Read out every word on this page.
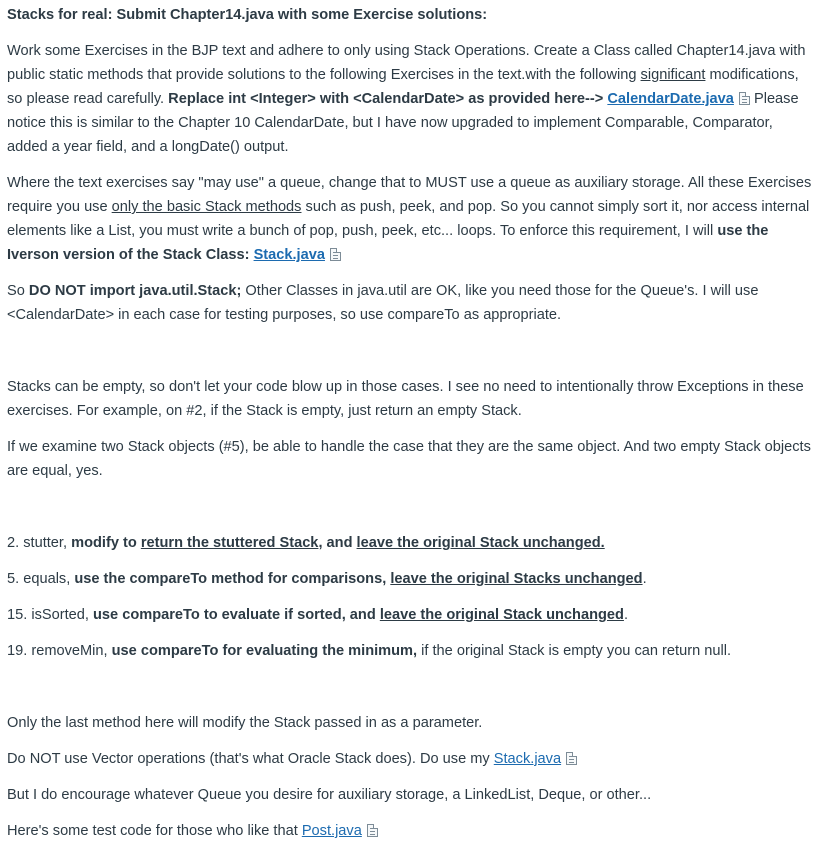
Stacks for real: Submit Chapter14.java with some Exercise solutions:

Work some Exercises in the BJP text and adhere to only using Stack Operations. Create a Class called Chapter14.java with public static methods that provide solutions to the following Exercises in the text.with the following significant modifications, so please read carefully. Replace int <Integer> with <CalendarDate> as provided here--> CalendarDate.java Please notice this is similar to the Chapter 10 CalendarDate, but I have now upgraded to implement Comparable, Comparator, added a year field, and a longDate() output.

Where the text exercises say "may use" a queue, change that to MUST use a queue as auxiliary storage. All these Exercises require you use only the basic Stack methods such as push, peek, and pop. So you cannot simply sort it, nor access internal elements like a List, you must write a bunch of pop, push, peek, etc... loops. To enforce this requirement, I will use the Iverson version of the Stack Class: Stack.java

So DO NOT import java.util.Stack; Other Classes in java.util are OK, like you need those for the Queue's. I will use <CalendarDate> in each case for testing purposes, so use compareTo as appropriate.

Stacks can be empty, so don't let your code blow up in those cases. I see no need to intentionally throw Exceptions in these exercises. For example, on #2, if the Stack is empty, just return an empty Stack.

If we examine two Stack objects (#5), be able to handle the case that they are the same object. And two empty Stack objects are equal, yes.

2. stutter, modify to return the stuttered Stack, and leave the original Stack unchanged.

5. equals, use the compareTo method for comparisons, leave the original Stacks unchanged.

15. isSorted, use compareTo to evaluate if sorted, and leave the original Stack unchanged.

19. removeMin, use compareTo for evaluating the minimum, if the original Stack is empty you can return null.

Only the last method here will modify the Stack passed in as a parameter.

Do NOT use Vector operations (that's what Oracle Stack does). Do use my Stack.java

But I do encourage whatever Queue you desire for auxiliary storage, a LinkedList, Deque, or other...

Here's some test code for those who like that Post.java
